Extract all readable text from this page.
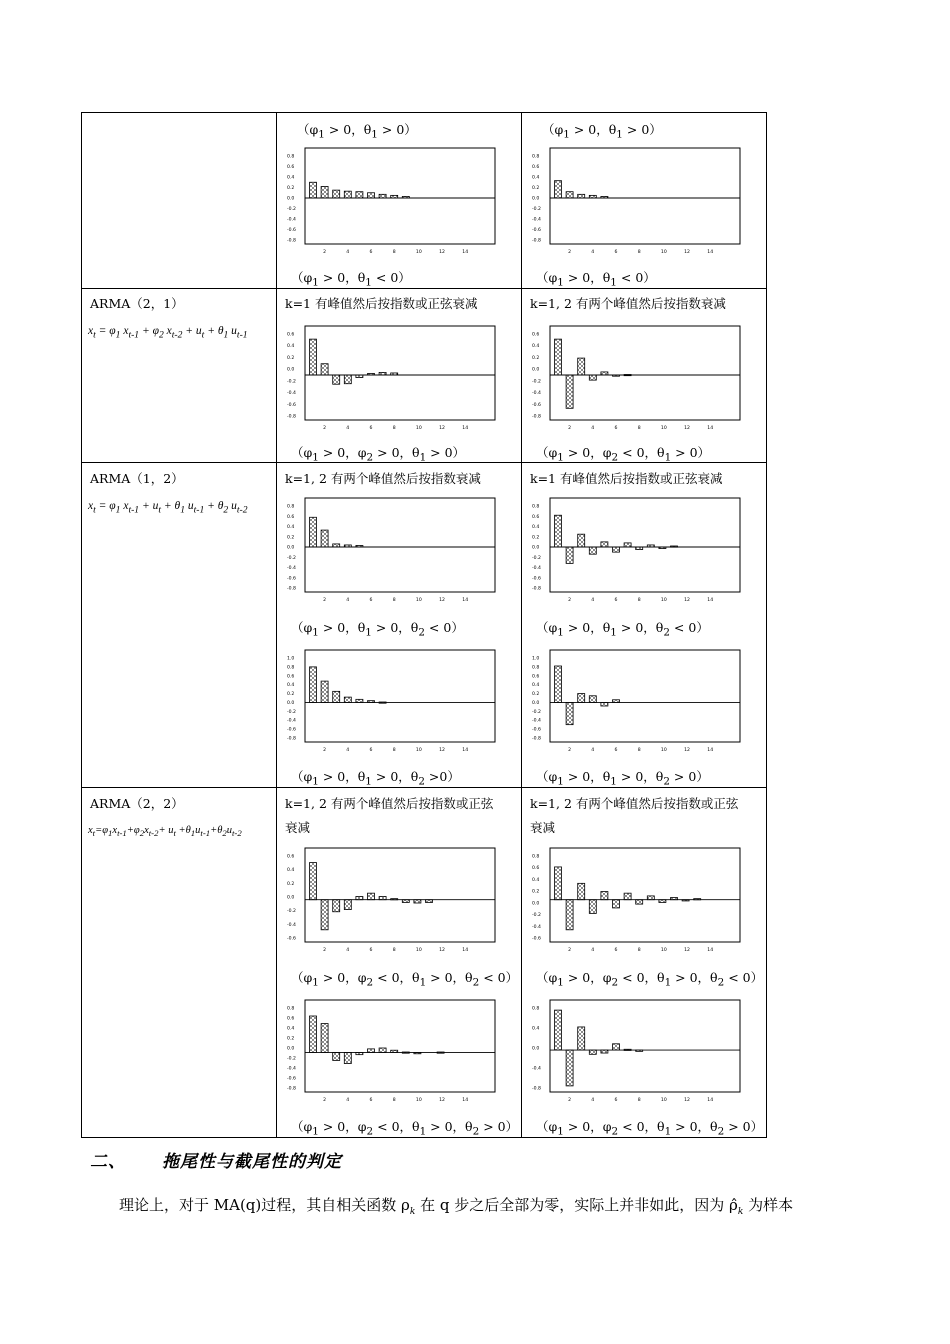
（$\varphi_1 > 0$，$\theta_1 > 0$）	（$\varphi_1 > 0$，$\theta_1 > 0$）
0.8
0.6
0.4
0.2
0.0
-0.2
-0.4
-0.6
-0.8
2	4	6	8	10	12	14
0.8
0.6
0.4
0.2
0.0
-0.2
-0.4
-0.6
-0.8
2	4	6	8	10	12	14
（$\varphi_1 > 0$，$\theta_1 < 0$）	（$\varphi_1 > 0$，$\theta_1 < 0$）
ARMA（2，1）
$x_t = \varphi_1$ $x_{t-1} + \varphi_2$ $x_{t-2} + u_t + \theta_1$ $u_{t-1}$
k=1 有峰值然后按指数或正弦衰减	k=1, 2 有两个峰值然后按指数衰减
0.6
0.4
0.2
0.0
-0.2
-0.4
-0.6
-0.8
2	4	6	8	10	12	14
0.6
0.4
0.2
0.0
-0.2
-0.4
-0.6
-0.8
2	4	6	8	10	12	14
（$\varphi_1 > 0$，$\varphi_2 > 0$，$\theta_1 > 0$）	（$\varphi_1 > 0$，$\varphi_2 < 0$，$\theta_1 > 0$）
ARMA（1，2）
$x_t = \varphi_1$ $x_{t-1} + u_t + \theta_1$ $u_{t-1} + \theta_2$ $u_{t-2}$
k=1, 2 有两个峰值然后按指数衰减	k=1 有峰值然后按指数或正弦衰减
0.8
0.6
0.4
0.2
0.0
-0.2
-0.4
-0.6
-0.8
2	4	6	8	10	12	14
0.8
0.6
0.4
0.2
0.0
-0.2
-0.4
-0.6
-0.8
2	4	6	8	10	12	14
（$\varphi_1 > 0$，$\theta_1 > 0$，$\theta_2 < 0$）	（$\varphi_1 > 0$，$\theta_1 > 0$，$\theta_2 < 0$）
1.0
0.8
0.6
0.4
0.2
0.0
-0.2
-0.4
-0.6
-0.8
2	4	6	8	10	12	14
1.0
0.8
0.6
0.4
0.2
0.0
-0.2
-0.4
-0.6
-0.8
2	4	6	8	10	12	14
（$\varphi_1 > 0$，$\theta_1 > 0$，$\theta_2 >0$）	（$\varphi_1 > 0$，$\theta_1 > 0$，$\theta_2 > 0$）
ARMA（2，2）
$x_t=\varphi_1x_{t-1}+\varphi_2x_{t-2}+ u_t +\theta_1u_{t-1}+\theta_2u_{t-2}$
k=1, 2 有两个峰值然后按指数或正弦
衰减
k=1, 2 有两个峰值然后按指数或正弦
衰减
0.6
0.4
0.2
0.0
-0.2
-0.4
-0.6
2	4	6	8	10	12	14
0.8
0.6
0.4
0.2
0.0
-0.2
-0.4
-0.6
2	4	6	8	10	12	14
（$\varphi_1 > 0$，$\varphi_2 < 0$，$\theta_1 > 0$，$\theta_2 < 0$） （$\varphi_1 > 0$，$\varphi_2 < 0$，$\theta_1 > 0$，$\theta_2 < 0$）
0.8
0.6
0.4
0.2
0.0
-0.2
-0.4
-0.6
-0.8
2	4	6	8	10	12	14
0.8
0.4
0.0
-0.4
-0.8
2	4	6	8	10	12	14
（$\varphi_1 > 0$，$\varphi_2 < 0$，$\theta_1 > 0$，$\theta_2 > 0$） （$\varphi_1 > 0$，$\varphi_2 < 0$，$\theta_1 > 0$，$\theta_2 > 0$）
二、 拖尾性与截尾性的判定
理论上，对于 MA(q)过程，其自相关函数 $\rho_k$ 在 q 步之后全部为零，实际上并非如此，因为 $\rhô_k$ 为样本
